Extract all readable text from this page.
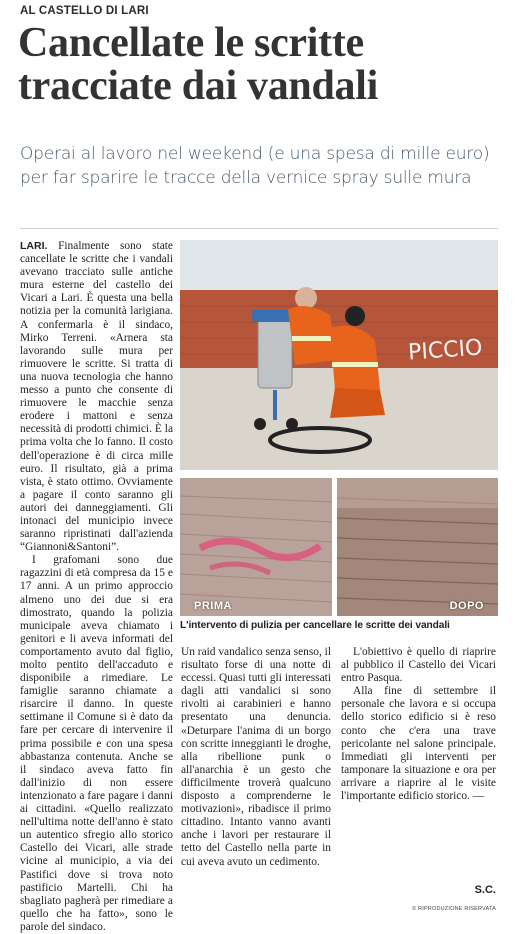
AL CASTELLO DI LARI
Cancellate le scritte tracciate dai vandali

Operai al lavoro nel weekend (e una spesa di mille euro) per far sparire le tracce della vernice spray sulle mura

LARI. Finalmente sono state cancellate le scritte che i vandali avevano tracciato sulle antiche mura esterne del castello dei Vicari a Lari. È questa una bella notizia per la comunità larigiana. A confermarla è il sindaco, Mirko Terreni. «Arnera sta lavorando sulle mura per rimuovere le scritte. Si tratta di una nuova tecnologia che hanno messo a punto che consente di rimuovere le macchie senza erodere i mattoni e senza necessità di prodotti chimici. È la prima volta che lo fanno. Il costo dell'operazione è di circa mille euro. Il risultato, già a prima vista, è stato ottimo. Ovviamente a pagare il conto saranno gli autori dei danneggiamenti. Gli intonaci del municipio invece saranno ripristinati dall'azienda “Giannoni&Santoni”.

I grafomani sono due ragazzini di età compresa da 15 e 17 anni. A un primo approccio almeno uno dei due si era dimostrato, quando la polizia municipale aveva chiamato i genitori e li aveva informati del comportamento avuto dal figlio, molto pentito dell'accaduto e disponibile a rimediare. Le famiglie saranno chiamate a risarcire il danno. In queste settimane il Comune si è dato da fare per cercare di intervenire il prima possibile e con una spesa abbastanza contenuta. Anche se il sindaco aveva fatto fin dall'inizio di non essere intenzionato a fare pagare i danni ai cittadini. «Quello realizzato nell'ultima notte dell'anno è stato un autentico sfregio allo storico Castello dei Vicari, alle strade vicine al municipio, a via dei Pastifici dove si trova noto pastificio Martelli. Chi ha sbagliato pagherà per rimediare a quello che ha fatto», sono le parole del sindaco.

PICCIO
PRIMA	DOPO
L'intervento di pulizia per cancellare le scritte dei vandali

Un raid vandalico senza senso, il risultato forse di una notte di eccessi. Quasi tutti gli interessati dagli atti vandalici si sono rivolti ai carabinieri e hanno presentato una denuncia. «Deturpare l'anima di un borgo con scritte inneggianti le droghe, alla ribellione punk o all'anarchia è un gesto che difficilmente troverà qualcuno disposto a comprenderne le motivazioni», ribadisce il primo cittadino. Intanto vanno avanti anche i lavori per restaurare il tetto del Castello nella parte in cui aveva avuto un cedimento.

L'obiettivo è quello di riaprire al pubblico il Castello dei Vicari entro Pasqua.

Alla fine di settembre il personale che lavora e si occupa dello storico edificio si è reso conto che c'era una trave pericolante nel salone principale. Immediati gli interventi per tamponare la situazione e ora per arrivare a riaprire al le visite l'importante edificio storico. —

S.C.
© RIPRODUZIONE RISERVATA
